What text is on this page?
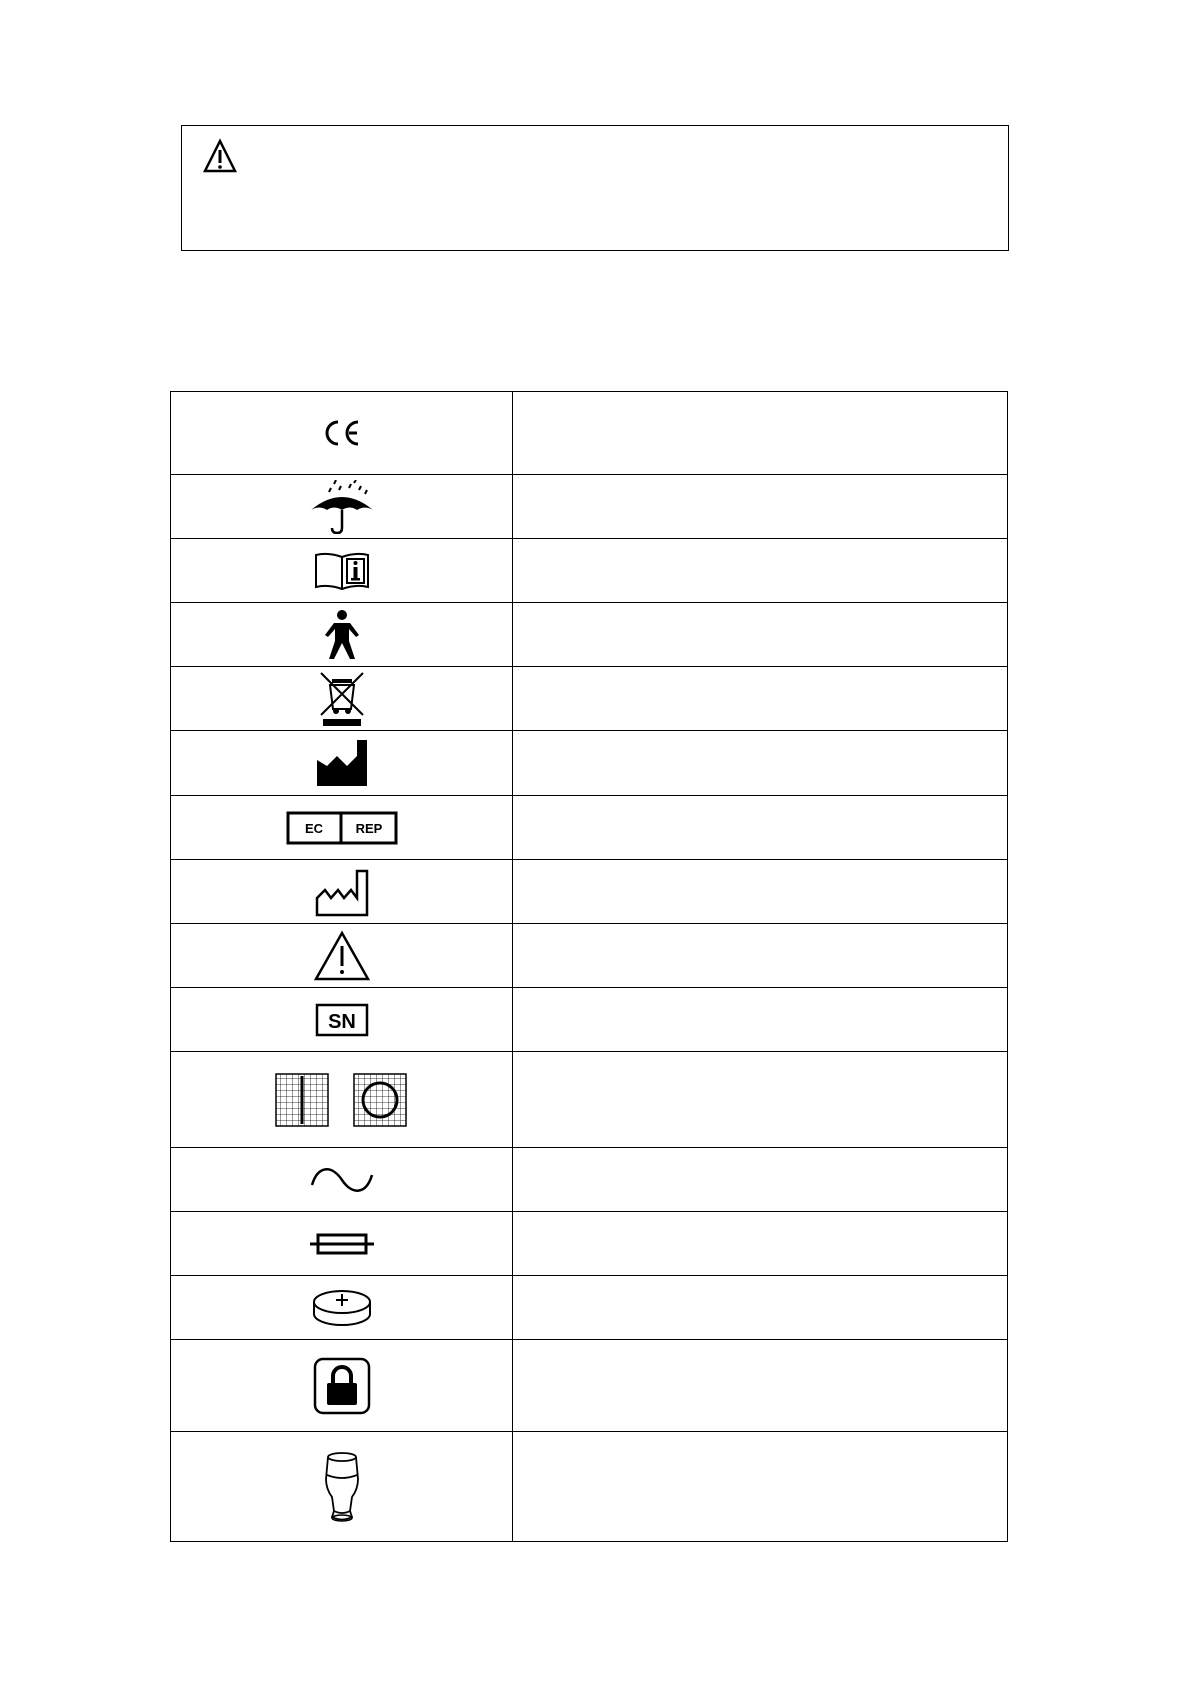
EC REP	

SN	
